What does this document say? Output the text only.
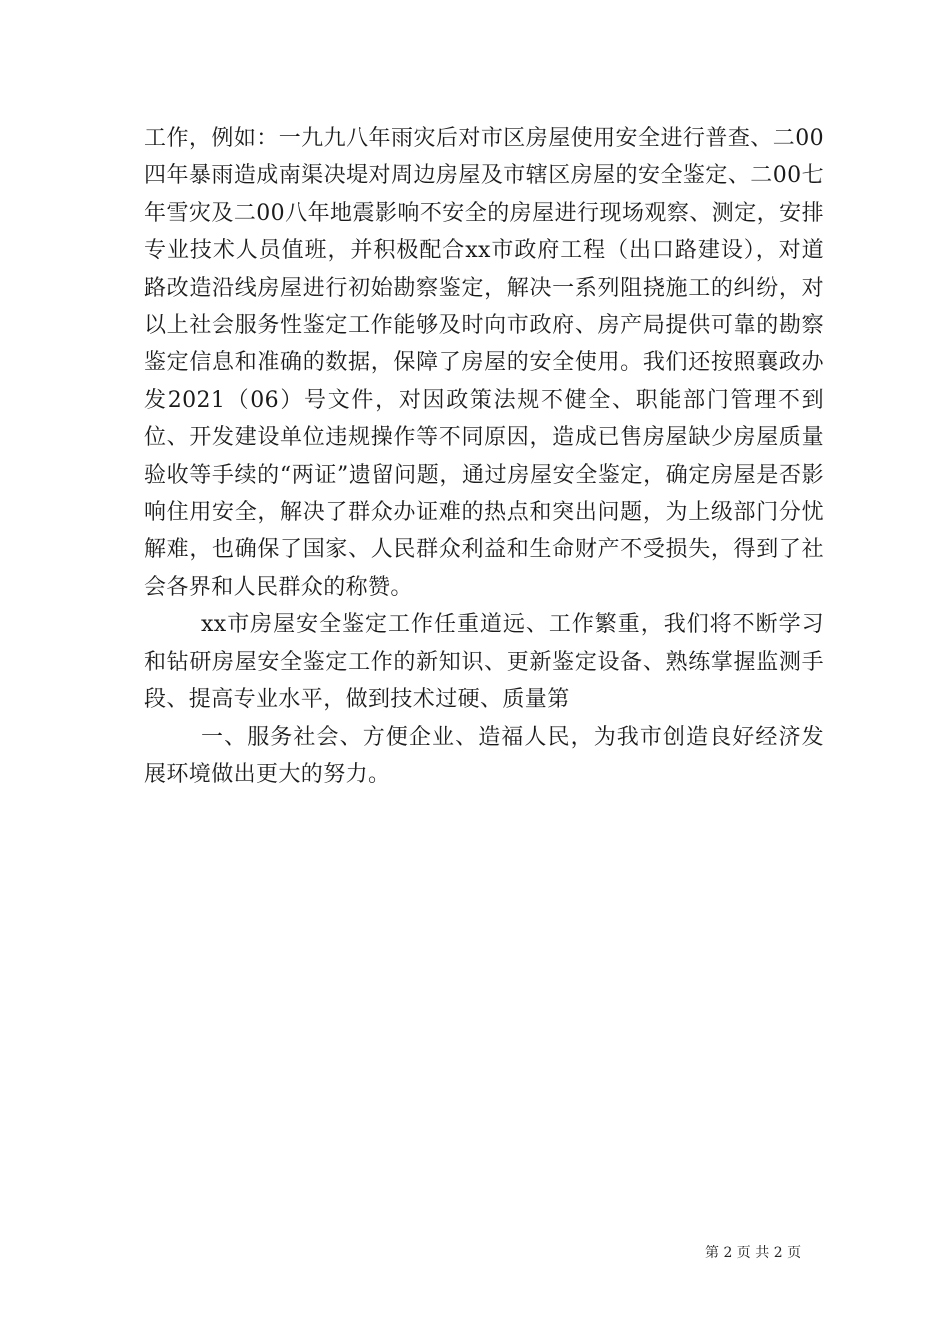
工作，例如：一九九八年雨灾后对市区房屋使用安全进行普查、二00四年暴雨造成南渠决堤对周边房屋及市辖区房屋的安全鉴定、二00七年雪灾及二00八年地震影响不安全的房屋进行现场观察、测定，安排专业技术人员值班，并积极配合xx市政府工程（出口路建设），对道路改造沿线房屋进行初始勘察鉴定，解决一系列阻挠施工的纠纷，对以上社会服务性鉴定工作能够及时向市政府、房产局提供可靠的勘察鉴定信息和准确的数据，保障了房屋的安全使用。我们还按照襄政办发2021（06）号文件，对因政策法规不健全、职能部门管理不到位、开发建设单位违规操作等不同原因，造成已售房屋缺少房屋质量验收等手续的“两证”遗留问题，通过房屋安全鉴定，确定房屋是否影响住用安全，解决了群众办证难的热点和突出问题，为上级部门分忧解难，也确保了国家、人民群众利益和生命财产不受损失，得到了社会各界和人民群众的称赞。

xx市房屋安全鉴定工作任重道远、工作繁重，我们将不断学习和钻研房屋安全鉴定工作的新知识、更新鉴定设备、熟练掌握监测手段、提高专业水平，做到技术过硬、质量第

一、服务社会、方便企业、造福人民，为我市创造良好经济发展环境做出更大的努力。

第 2 页 共 2 页
